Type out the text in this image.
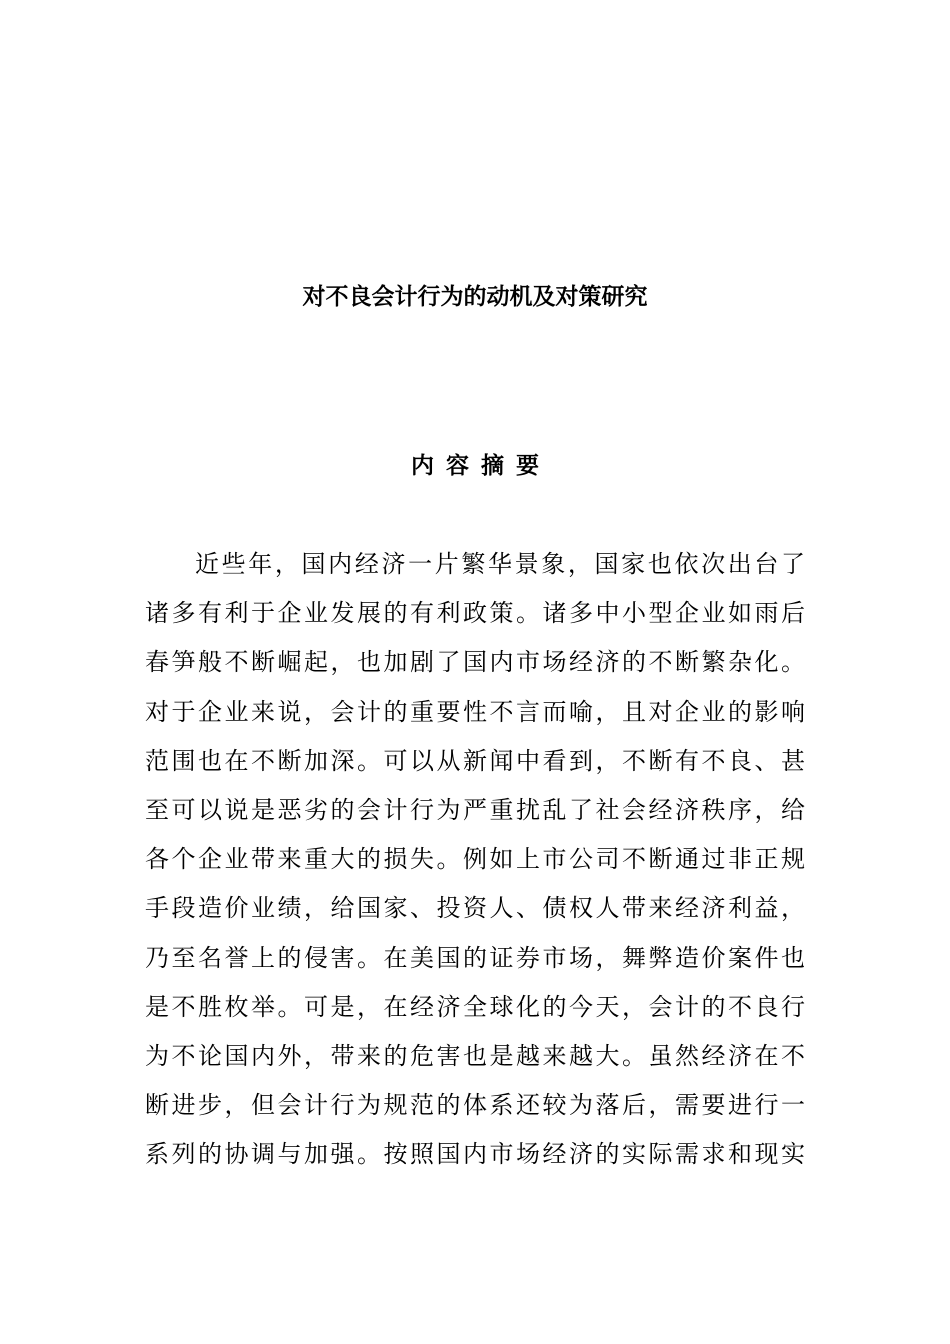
对不良会计行为的动机及对策研究
内容摘要
近些年，国内经济一片繁华景象，国家也依次出台了
诸多有利于企业发展的有利政策。诸多中小型企业如雨后
春笋般不断崛起，也加剧了国内市场经济的不断繁杂化。
对于企业来说，会计的重要性不言而喻，且对企业的影响
范围也在不断加深。可以从新闻中看到，不断有不良、甚
至可以说是恶劣的会计行为严重扰乱了社会经济秩序，给
各个企业带来重大的损失。例如上市公司不断通过非正规
手段造价业绩，给国家、投资人、债权人带来经济利益，
乃至名誉上的侵害。在美国的证券市场，舞弊造价案件也
是不胜枚举。可是，在经济全球化的今天，会计的不良行
为不论国内外，带来的危害也是越来越大。虽然经济在不
断进步，但会计行为规范的体系还较为落后，需要进行一
系列的协调与加强。按照国内市场经济的实际需求和现实
